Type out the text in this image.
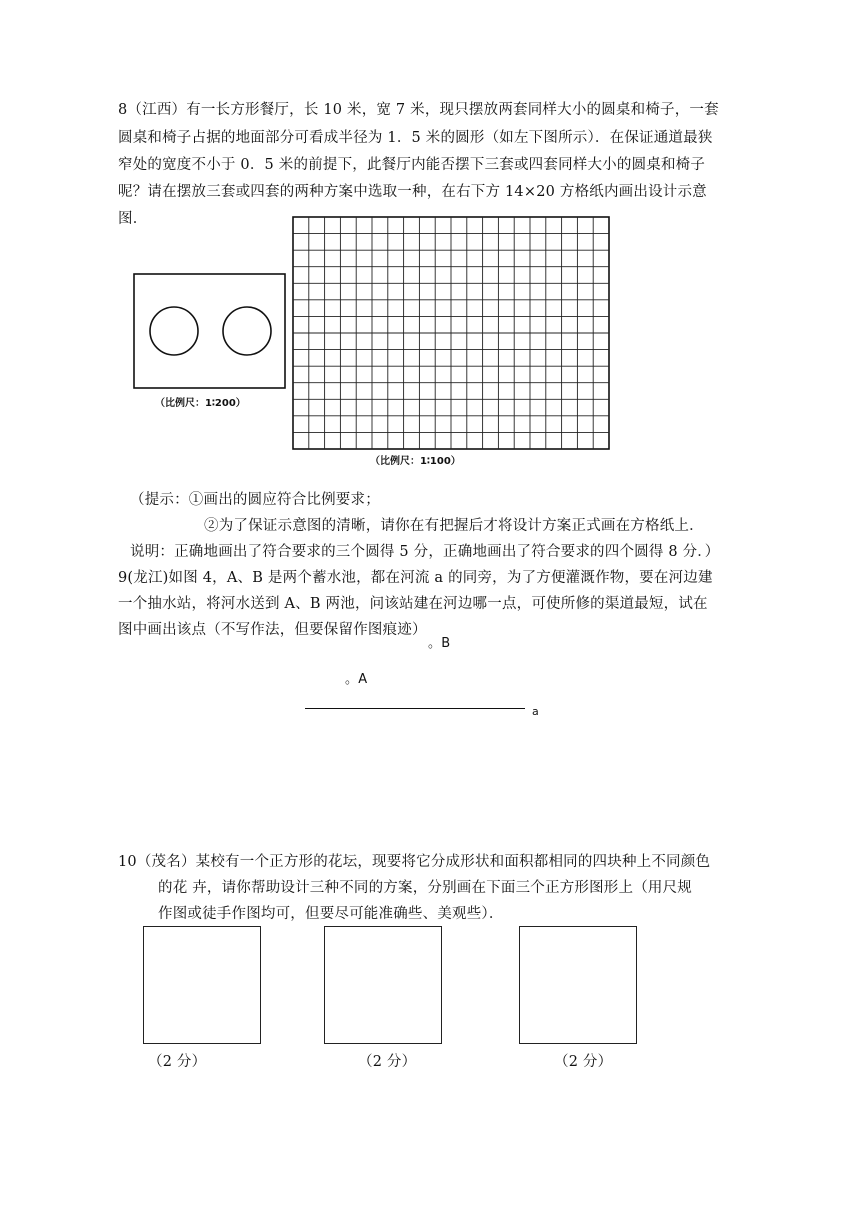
8（江西）有一长方形餐厅，长 10 米，宽 7 米，现只摆放两套同样大小的圆桌和椅子，一套
圆桌和椅子占据的地面部分可看成半径为 1．5 米的圆形（如左下图所示）．在保证通道最狭
窄处的宽度不小于 0．5 米的前提下，此餐厅内能否摆下三套或四套同样大小的圆桌和椅子
呢？请在摆放三套或四套的两种方案中选取一种，在右下方 14×20 方格纸内画出设计示意
图．
（比例尺：1∶200）
（比例尺：1∶100）
（提示：①画出的圆应符合比例要求；
②为了保证示意图的清晰，请你在有把握后才将设计方案正式画在方格纸上．
说明：正确地画出了符合要求的三个圆得 5 分，正确地画出了符合要求的四个圆得 8 分．）
9(龙江)如图 4，A、B 是两个蓄水池，都在河流 a 的同旁，为了方便灌溉作物，要在河边建
一个抽水站，将河水送到 A、B 两池，问该站建在河边哪一点，可使所修的渠道最短，试在
图中画出该点（不写作法，但要保留作图痕迹）
。B
。A
a
10（茂名）某校有一个正方形的花坛，现要将它分成形状和面积都相同的四块种上不同颜色
的花 卉，请你帮助设计三种不同的方案，分别画在下面三个正方形图形上（用尺规
作图或徒手作图均可，但要尽可能准确些、美观些）．
（2 分）	（2 分）	（2 分）
